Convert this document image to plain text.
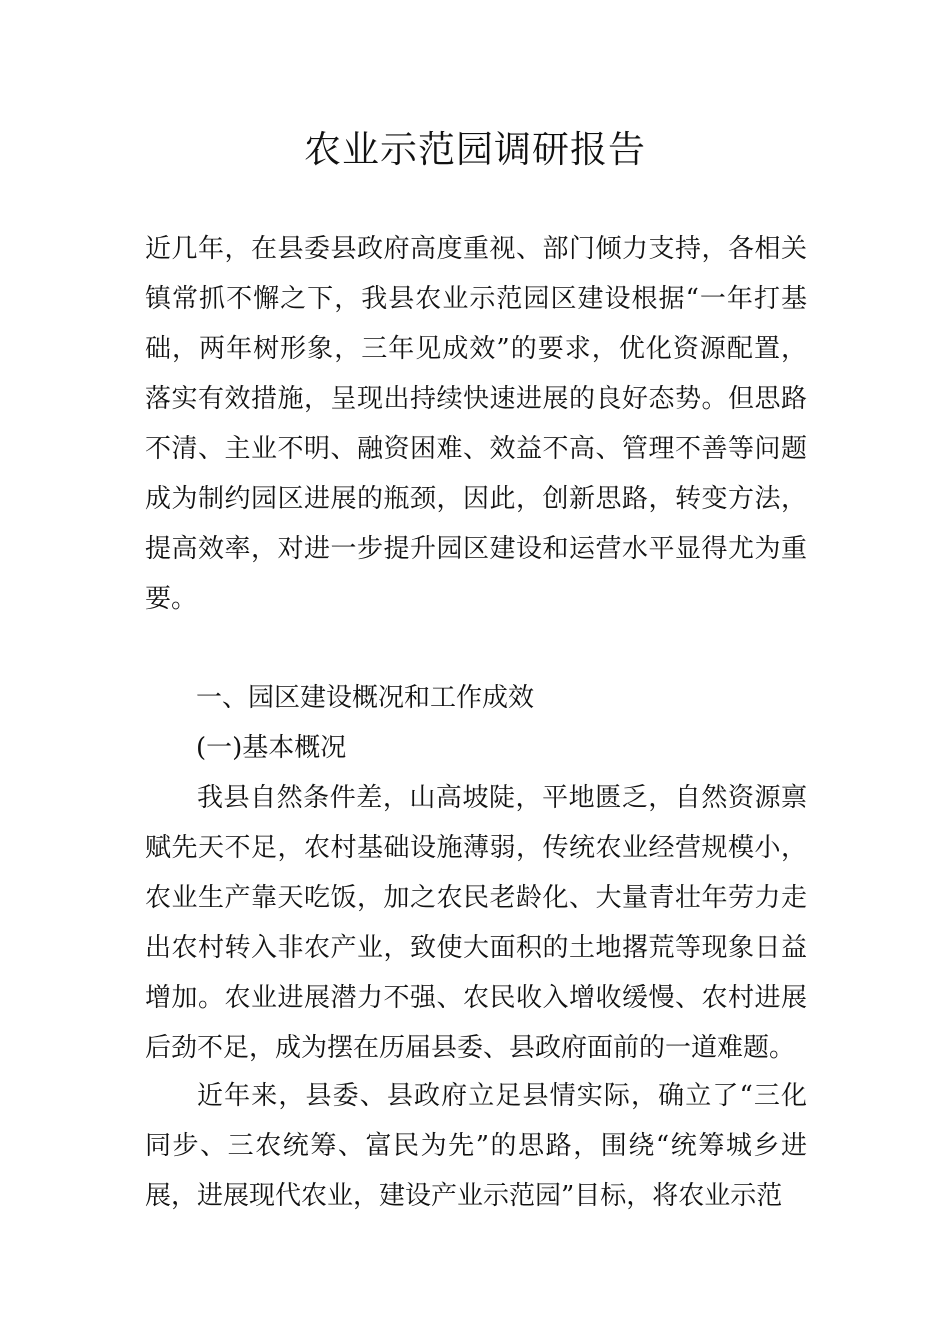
农业示范园调研报告

近几年，在县委县政府高度重视、部门倾力支持，各相关镇常抓不懈之下，我县农业示范园区建设根据“一年打基础，两年树形象，三年见成效”的要求，优化资源配置，落实有效措施，呈现出持续快速进展的良好态势。但思路不清、主业不明、融资困难、效益不高、管理不善等问题成为制约园区进展的瓶颈，因此，创新思路，转变方法，提高效率，对进一步提升园区建设和运营水平显得尤为重要。

一、园区建设概况和工作成效
(一)基本概况

我县自然条件差，山高坡陡，平地匮乏，自然资源禀赋先天不足，农村基础设施薄弱，传统农业经营规模小，农业生产靠天吃饭，加之农民老龄化、大量青壮年劳力走出农村转入非农产业，致使大面积的土地撂荒等现象日益增加。农业进展潜力不强、农民收入增收缓慢、农村进展后劲不足，成为摆在历届县委、县政府面前的一道难题。

近年来，县委、县政府立足县情实际，确立了“三化同步、三农统筹、富民为先”的思路，围绕“统筹城乡进展，进展现代农业，建设产业示范园”目标，将农业示范
